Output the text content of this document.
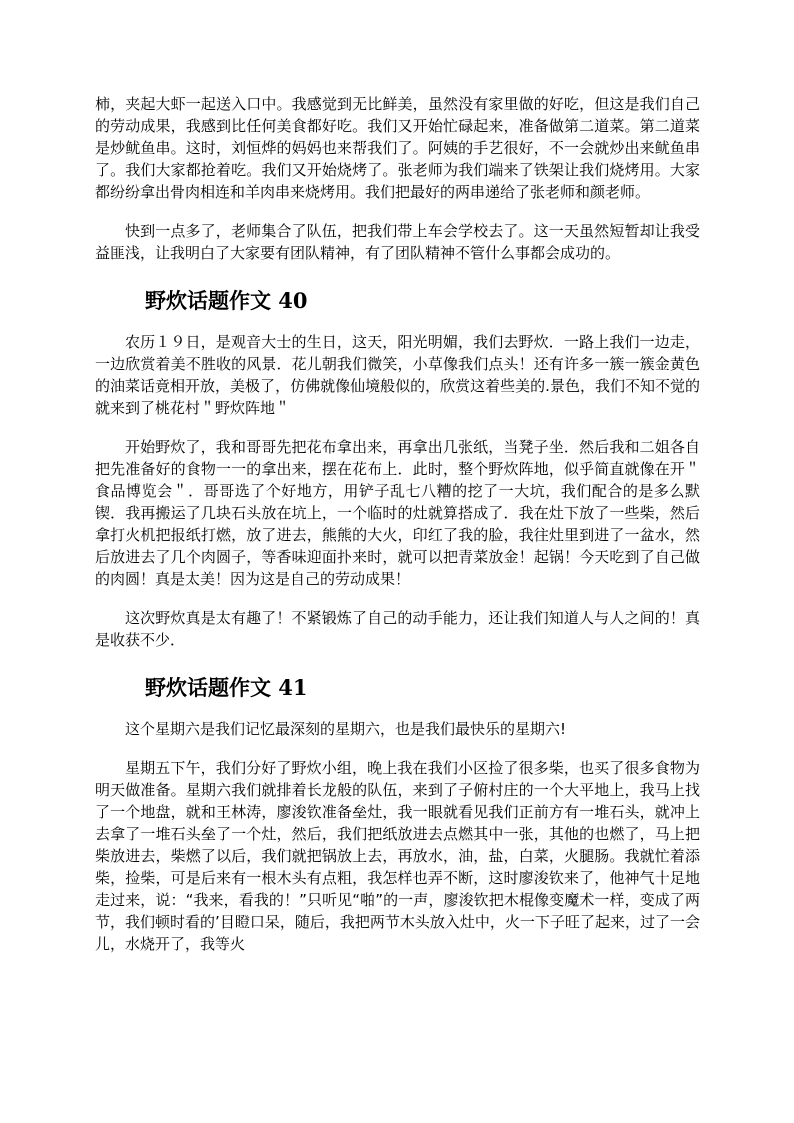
柿，夹起大虾一起送入口中。我感觉到无比鲜美，虽然没有家里做的好吃，但这是我们自己的劳动成果，我感到比任何美食都好吃。我们又开始忙碌起来，准备做第二道菜。第二道菜是炒鱿鱼串。这时，刘恒烨的妈妈也来帮我们了。阿姨的手艺很好，不一会就炒出来鱿鱼串了。我们大家都抢着吃。我们又开始烧烤了。张老师为我们端来了铁架让我们烧烤用。大家都纷纷拿出骨肉相连和羊肉串来烧烤用。我们把最好的两串递给了张老师和颜老师。

快到一点多了，老师集合了队伍，把我们带上车会学校去了。这一天虽然短暂却让我受益匪浅，让我明白了大家要有团队精神，有了团队精神不管什么事都会成功的。

野炊话题作文 40

农历１９日，是观音大士的生日，这天，阳光明媚，我们去野炊．一路上我们一边走，一边欣赏着美不胜收的风景．花儿朝我们微笑，小草像我们点头！还有许多一簇一簇金黄色的油菜话竟相开放，美极了，仿佛就像仙境般似的，欣赏这着些美的.景色，我们不知不觉的就来到了桃花村＂野炊阵地＂

开始野炊了，我和哥哥先把花布拿出来，再拿出几张纸，当凳子坐．然后我和二姐各自把先准备好的食物一一的拿出来，摆在花布上．此时，整个野炊阵地，似乎简直就像在开＂食品博览会＂．哥哥选了个好地方，用铲子乱七八糟的挖了一大坑，我们配合的是多么默锲．我再搬运了几块石头放在坑上，一个临时的灶就算搭成了．我在灶下放了一些柴，然后拿打火机把报纸打燃，放了进去，熊熊的大火，印红了我的脸，我往灶里到进了一盆水，然后放进去了几个肉圆子，等香味迎面扑来时，就可以把青菜放金！起锅！今天吃到了自己做的肉圆！真是太美！因为这是自己的劳动成果！

这次野炊真是太有趣了！不紧锻炼了自己的动手能力，还让我们知道人与人之间的！真是收获不少．

野炊话题作文 41

这个星期六是我们记忆最深刻的星期六，也是我们最快乐的星期六!

星期五下午，我们分好了野炊小组，晚上我在我们小区捡了很多柴，也买了很多食物为明天做准备。星期六我们就排着长龙般的队伍，来到了子俯村庄的一个大平地上，我马上找了一个地盘，就和王林涛，廖浚钦准备垒灶，我一眼就看见我们正前方有一堆石头，就冲上去拿了一堆石头垒了一个灶，然后，我们把纸放进去点燃其中一张，其他的也燃了，马上把柴放进去，柴燃了以后，我们就把锅放上去，再放水，油，盐，白菜，火腿肠。我就忙着添柴，捡柴，可是后来有一根木头有点粗，我怎样也弄不断，这时廖浚钦来了，他神气十足地走过来，说：“我来，看我的！”只听见“啪”的一声，廖浚钦把木棍像变魔术一样，变成了两节，我们顿时看的’目瞪口呆，随后，我把两节木头放入灶中，火一下子旺了起来，过了一会儿，水烧开了，我等火
